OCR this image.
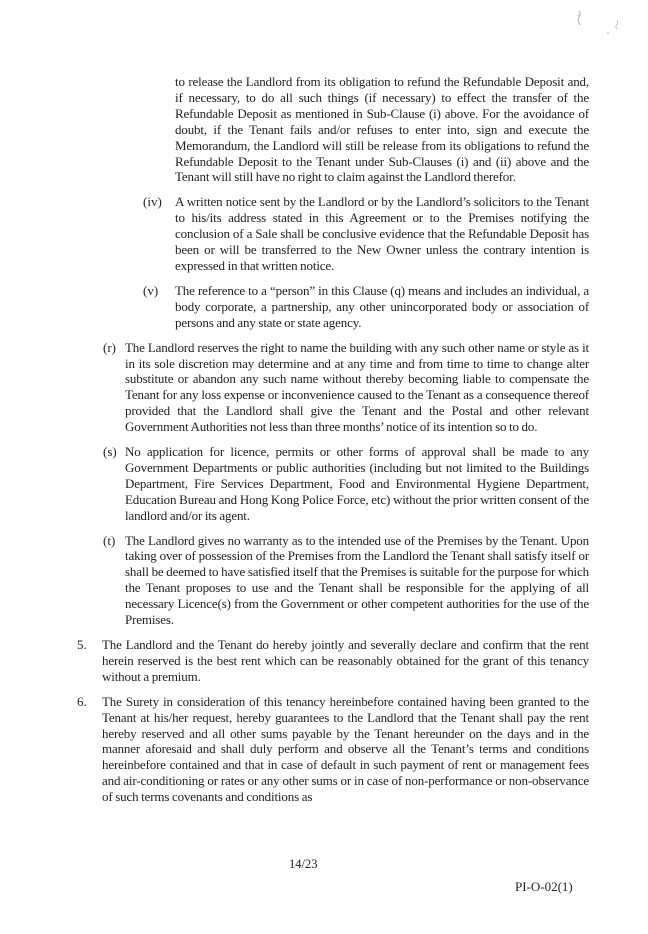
to release the Landlord from its obligation to refund the Refundable Deposit and, if necessary, to do all such things (if necessary) to effect the transfer of the Refundable Deposit as mentioned in Sub-Clause (i) above. For the avoidance of doubt, if the Tenant fails and/or refuses to enter into, sign and execute the Memorandum, the Landlord will still be release from its obligations to refund the Refundable Deposit to the Tenant under Sub-Clauses (i) and (ii) above and the Tenant will still have no right to claim against the Landlord therefor.
(iv) A written notice sent by the Landlord or by the Landlord’s solicitors to the Tenant to his/its address stated in this Agreement or to the Premises notifying the conclusion of a Sale shall be conclusive evidence that the Refundable Deposit has been or will be transferred to the New Owner unless the contrary intention is expressed in that written notice.
(v) The reference to a “person” in this Clause (q) means and includes an individual, a body corporate, a partnership, any other unincorporated body or association of persons and any state or state agency.
(r) The Landlord reserves the right to name the building with any such other name or style as it in its sole discretion may determine and at any time and from time to time to change alter substitute or abandon any such name without thereby becoming liable to compensate the Tenant for any loss expense or inconvenience caused to the Tenant as a consequence thereof provided that the Landlord shall give the Tenant and the Postal and other relevant Government Authorities not less than three months’ notice of its intention so to do.
(s) No application for licence, permits or other forms of approval shall be made to any Government Departments or public authorities (including but not limited to the Buildings Department, Fire Services Department, Food and Environmental Hygiene Department, Education Bureau and Hong Kong Police Force, etc) without the prior written consent of the landlord and/or its agent.
(t) The Landlord gives no warranty as to the intended use of the Premises by the Tenant. Upon taking over of possession of the Premises from the Landlord the Tenant shall satisfy itself or shall be deemed to have satisfied itself that the Premises is suitable for the purpose for which the Tenant proposes to use and the Tenant shall be responsible for the applying of all necessary Licence(s) from the Government or other competent authorities for the use of the Premises.
5. The Landlord and the Tenant do hereby jointly and severally declare and confirm that the rent herein reserved is the best rent which can be reasonably obtained for the grant of this tenancy without a premium.
6. The Surety in consideration of this tenancy hereinbefore contained having been granted to the Tenant at his/her request, hereby guarantees to the Landlord that the Tenant shall pay the rent hereby reserved and all other sums payable by the Tenant hereunder on the days and in the manner aforesaid and shall duly perform and observe all the Tenant’s terms and conditions hereinbefore contained and that in case of default in such payment of rent or management fees and air-conditioning or rates or any other sums or in case of non-performance or non-observance of such terms covenants and conditions as
14/23
PI-O-02(1)
